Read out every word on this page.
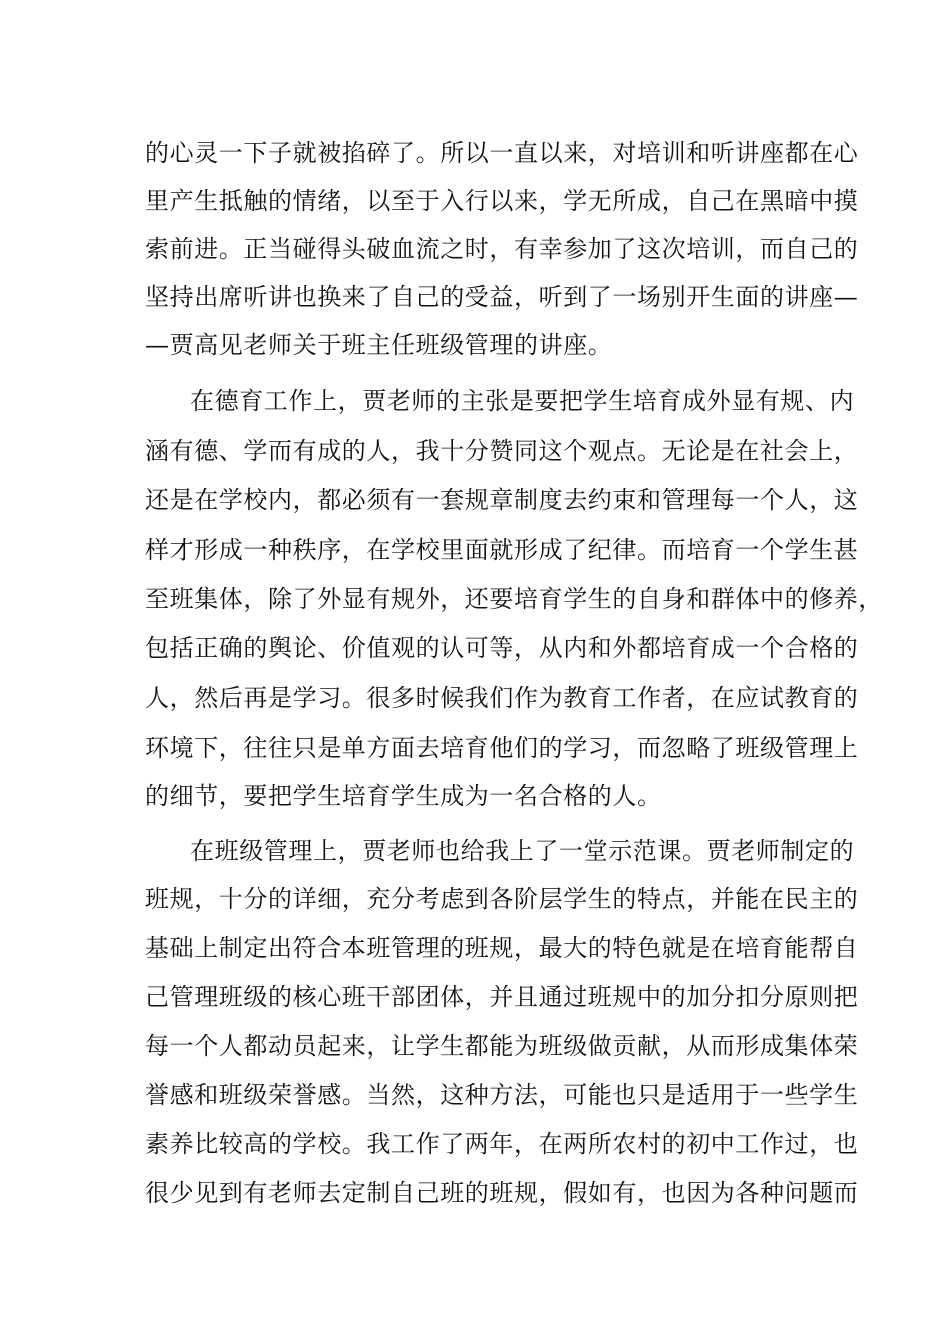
的心灵一下子就被掐碎了。所以一直以来，对培训和听讲座都在心
里产生抵触的情绪，以至于入行以来，学无所成，自己在黑暗中摸
索前进。正当碰得头破血流之时，有幸参加了这次培训，而自己的
坚持出席听讲也换来了自己的受益，听到了一场别开生面的讲座—
—贾高见老师关于班主任班级管理的讲座。
在德育工作上，贾老师的主张是要把学生培育成外显有规、内
涵有德、学而有成的人，我十分赞同这个观点。无论是在社会上，
还是在学校内，都必须有一套规章制度去约束和管理每一个人，这
样才形成一种秩序，在学校里面就形成了纪律。而培育一个学生甚
至班集体，除了外显有规外，还要培育学生的自身和群体中的修养，
包括正确的舆论、价值观的认可等，从内和外都培育成一个合格的
人，然后再是学习。很多时候我们作为教育工作者，在应试教育的
环境下，往往只是单方面去培育他们的学习，而忽略了班级管理上
的细节，要把学生培育学生成为一名合格的人。
在班级管理上，贾老师也给我上了一堂示范课。贾老师制定的
班规，十分的详细，充分考虑到各阶层学生的特点，并能在民主的
基础上制定出符合本班管理的班规，最大的特色就是在培育能帮自
己管理班级的核心班干部团体，并且通过班规中的加分扣分原则把
每一个人都动员起来，让学生都能为班级做贡献，从而形成集体荣
誉感和班级荣誉感。当然，这种方法，可能也只是适用于一些学生
素养比较高的学校。我工作了两年，在两所农村的初中工作过，也
很少见到有老师去定制自己班的班规，假如有，也因为各种问题而
